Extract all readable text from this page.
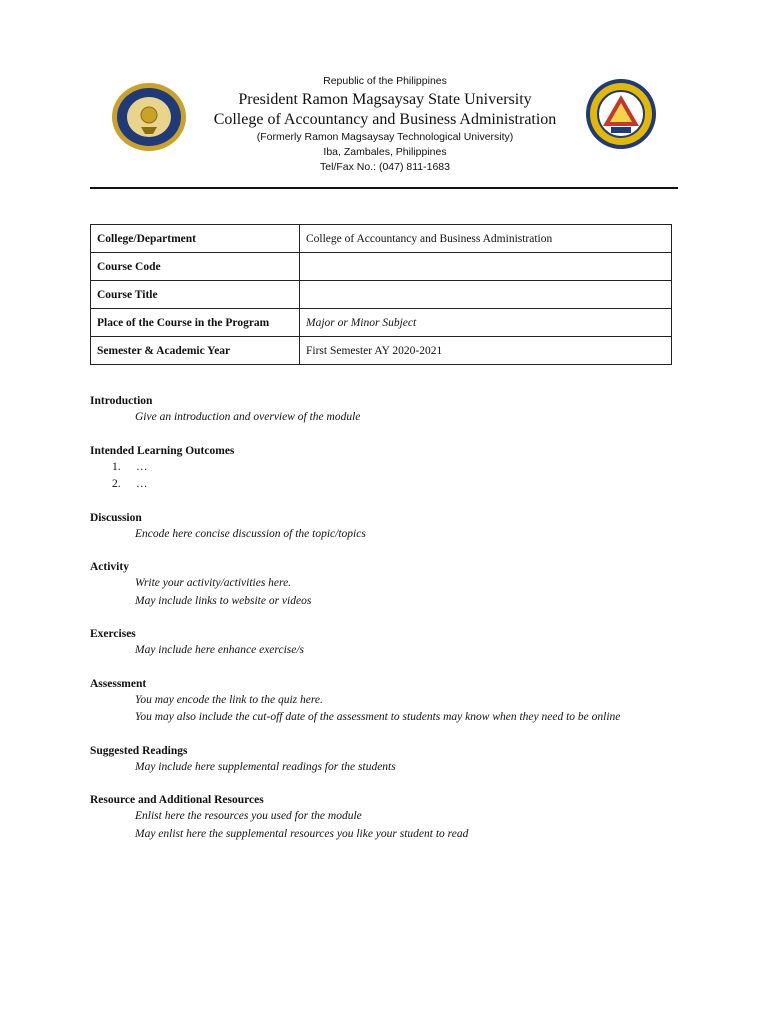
Republic of the Philippines
President Ramon Magsaysay State University
College of Accountancy and Business Administration
(Formerly Ramon Magsaysay Technological University)
Iba, Zambales, Philippines
Tel/Fax No.: (047) 811-1683
College/Department	College of Accountancy and Business Administration
Course Code	
Course Title	
Place of the Course in the Program	Major or Minor Subject
Semester & Academic Year	First Semester AY 2020-2021
Introduction
Give an introduction and overview of the module
Intended Learning Outcomes
1. …
2. …
Discussion
Encode here concise discussion of the topic/topics
Activity
Write your activity/activities here.
May include links to website or videos
Exercises
May include here enhance exercise/s
Assessment
You may encode the link to the quiz here.
You may also include the cut-off date of the assessment to students may know when they need to be online
Suggested Readings
May include here supplemental readings for the students
Resource and Additional Resources
Enlist here the resources you used for the module
May enlist here the supplemental resources you like your student to read
